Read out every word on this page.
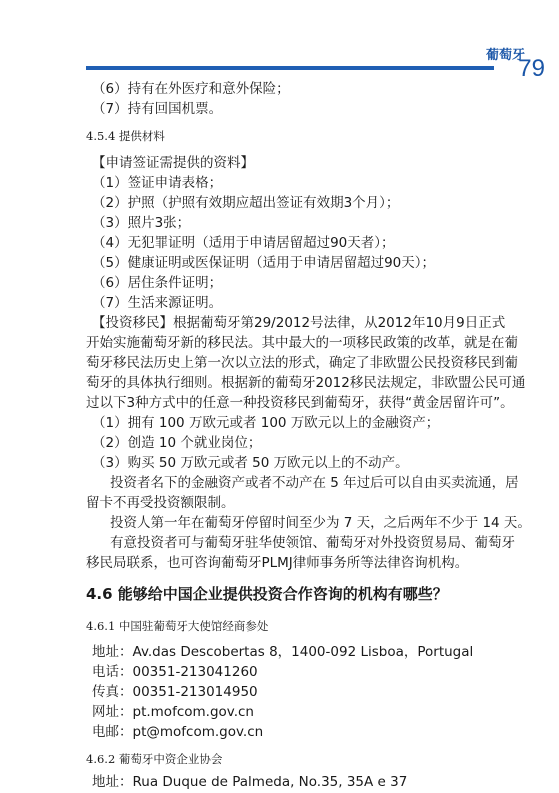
葡萄牙
79
（6）持有在外医疗和意外保险；
（7）持有回国机票。
4.5.4 提供材料
【申请签证需提供的资料】
（1）签证申请表格；
（2）护照（护照有效期应超出签证有效期3个月）；
（3）照片3张；
（4）无犯罪证明（适用于申请居留超过90天者）；
（5）健康证明或医保证明（适用于申请居留超过90天）；
（6）居住条件证明；
（7）生活来源证明。
【投资移民】根据葡萄牙第29/2012号法律，从2012年10月9日正式
开始实施葡萄牙新的移民法。其中最大的一项移民政策的改革，就是在葡
萄牙移民法历史上第一次以立法的形式，确定了非欧盟公民投资移民到葡
萄牙的具体执行细则。根据新的葡萄牙2012移民法规定，非欧盟公民可通
过以下3种方式中的任意一种投资移民到葡萄牙，获得“黄金居留许可”。
（1）拥有 100 万欧元或者 100 万欧元以上的金融资产；
（2）创造 10 个就业岗位；
（3）购买 50 万欧元或者 50 万欧元以上的不动产。
投资者名下的金融资产或者不动产在 5 年过后可以自由买卖流通，居
留卡不再受投资额限制。
投资人第一年在葡萄牙停留时间至少为 7 天，之后两年不少于 14 天。
有意投资者可与葡萄牙驻华使领馆、葡萄牙对外投资贸易局、葡萄牙
移民局联系，也可咨询葡萄牙PLMJ律师事务所等法律咨询机构。
4.6 能够给中国企业提供投资合作咨询的机构有哪些？
4.6.1 中国驻葡萄牙大使馆经商参处
地址：Av.das Descobertas 8，1400-092 Lisboa，Portugal
电话：00351-213041260
传真：00351-213014950
网址：pt.mofcom.gov.cn
电邮：pt@mofcom.gov.cn
4.6.2 葡萄牙中资企业协会
地址：Rua Duque de Palmeda, No.35, 35A e 37
